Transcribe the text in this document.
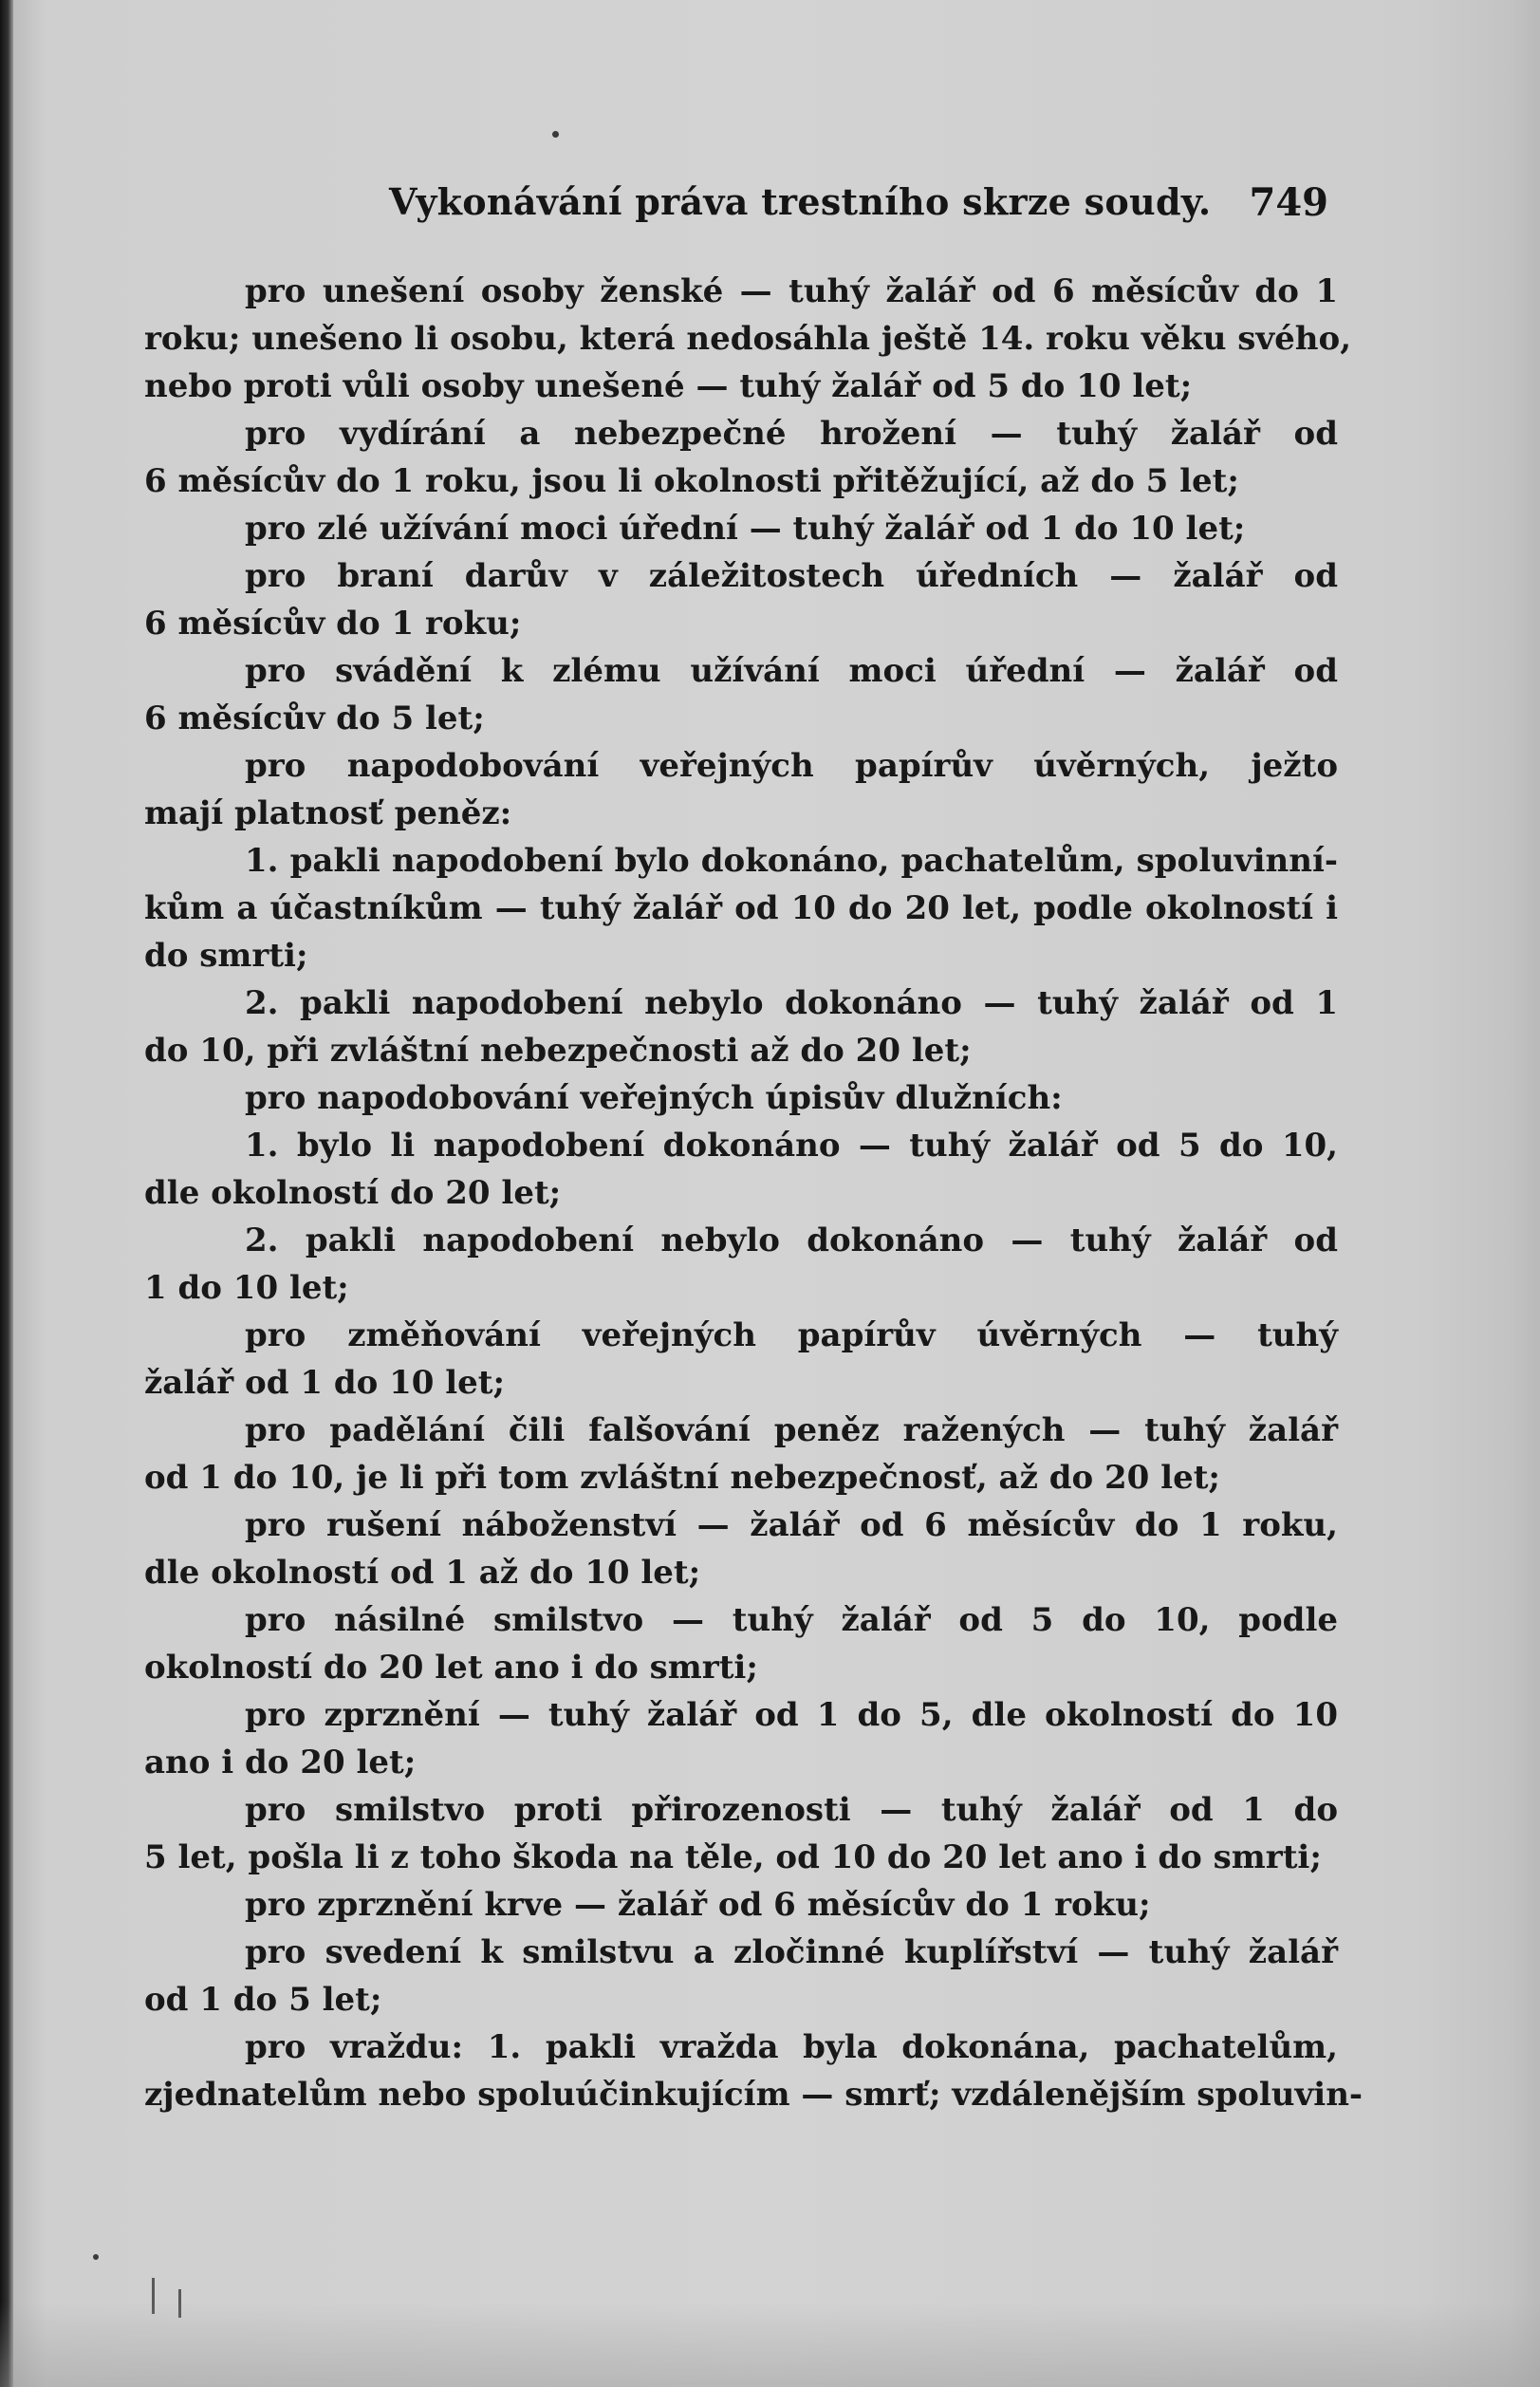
Vykonávání práva trestního skrze soudy. 749
pro unešení osoby ženské — tuhý žalář od 6 měsícův do 1
roku; unešeno li osobu, která nedosáhla ještě 14. roku věku svého,
nebo proti vůli osoby unešené — tuhý žalář od 5 do 10 let;
pro vydírání a nebezpečné hrožení — tuhý žalář od
6 měsícův do 1 roku, jsou li okolnosti přitěžující, až do 5 let;
pro zlé užívání moci úřední — tuhý žalář od 1 do 10 let;
pro braní darův v záležitostech úředních — žalář od
6 měsícův do 1 roku;
pro svádění k zlému užívání moci úřední — žalář od
6 měsícův do 5 let;
pro napodobování veřejných papírův úvěrných, ježto
mají platnosť peněz:
1. pakli napodobení bylo dokonáno, pachatelům, spoluvinní-
kům a účastníkům — tuhý žalář od 10 do 20 let, podle okolností i
do smrti;
2. pakli napodobení nebylo dokonáno — tuhý žalář od 1
do 10, při zvláštní nebezpečnosti až do 20 let;
pro napodobování veřejných úpisův dlužních:
1. bylo li napodobení dokonáno — tuhý žalář od 5 do 10,
dle okolností do 20 let;
2. pakli napodobení nebylo dokonáno — tuhý žalář od
1 do 10 let;
pro změňování veřejných papírův úvěrných — tuhý
žalář od 1 do 10 let;
pro padělání čili falšování peněz ražených — tuhý žalář
od 1 do 10, je li při tom zvláštní nebezpečnosť, až do 20 let;
pro rušení náboženství — žalář od 6 měsícův do 1 roku,
dle okolností od 1 až do 10 let;
pro násilné smilstvo — tuhý žalář od 5 do 10, podle
okolností do 20 let ano i do smrti;
pro zprznění — tuhý žalář od 1 do 5, dle okolností do 10
ano i do 20 let;
pro smilstvo proti přirozenosti — tuhý žalář od 1 do
5 let, pošla li z toho škoda na těle, od 10 do 20 let ano i do smrti;
pro zprznění krve — žalář od 6 měsícův do 1 roku;
pro svedení k smilstvu a zločinné kuplířství — tuhý žalář
od 1 do 5 let;
pro vraždu: 1. pakli vražda byla dokonána, pachatelům,
zjednatelům nebo spoluúčinkujícím — smrť; vzdálenějším spoluvin-
